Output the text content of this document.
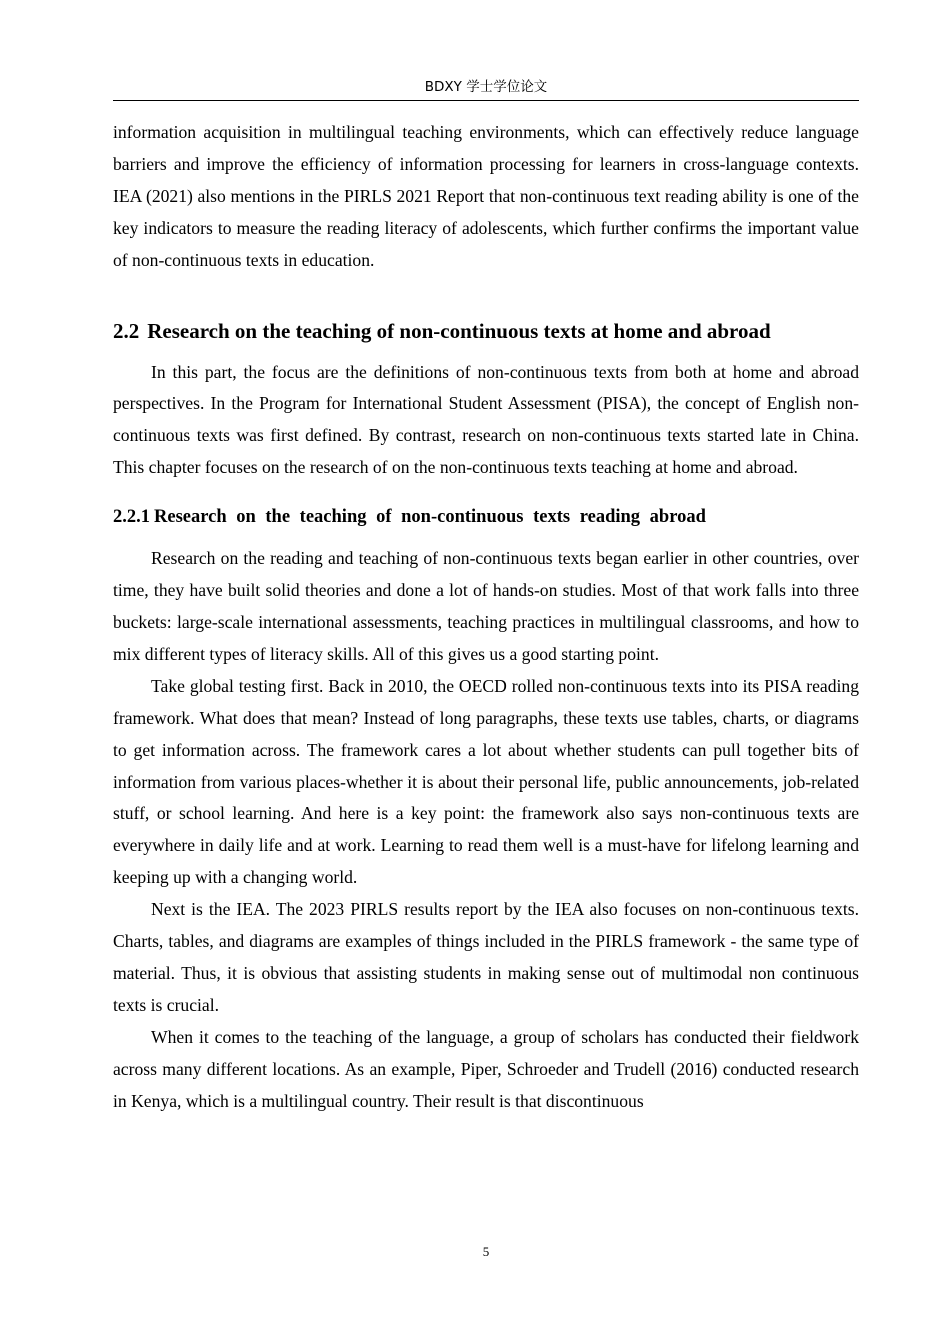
BDXY 学士学位论文

information acquisition in multilingual teaching environments, which can effectively reduce language barriers and improve the efficiency of information processing for learners in cross-language contexts. IEA (2021) also mentions in the PIRLS 2021 Report that non-continuous text reading ability is one of the key indicators to measure the reading literacy of adolescents, which further confirms the important value of non-continuous texts in education.

2.2 Research on the teaching of non-continuous texts at home and abroad

In this part, the focus are the definitions of non-continuous texts from both at home and abroad perspectives. In the Program for International Student Assessment (PISA), the concept of English non-continuous texts was first defined. By contrast, research on non-continuous texts started late in China. This chapter focuses on the research of on the non-continuous texts teaching at home and abroad.

2.2.1 Research on the teaching of non-continuous texts reading abroad

Research on the reading and teaching of non-continuous texts began earlier in other countries, over time, they have built solid theories and done a lot of hands-on studies. Most of that work falls into three buckets: large-scale international assessments, teaching practices in multilingual classrooms, and how to mix different types of literacy skills. All of this gives us a good starting point.

Take global testing first. Back in 2010, the OECD rolled non-continuous texts into its PISA reading framework. What does that mean? Instead of long paragraphs, these texts use tables, charts, or diagrams to get information across. The framework cares a lot about whether students can pull together bits of information from various places-whether it is about their personal life, public announcements, job-related stuff, or school learning. And here is a key point: the framework also says non-continuous texts are everywhere in daily life and at work. Learning to read them well is a must-have for lifelong learning and keeping up with a changing world.

Next is the IEA. The 2023 PIRLS results report by the IEA also focuses on non-continuous texts. Charts, tables, and diagrams are examples of things included in the PIRLS framework - the same type of material. Thus, it is obvious that assisting students in making sense out of multimodal non continuous texts is crucial.

When it comes to the teaching of the language, a group of scholars has conducted their fieldwork across many different locations. As an example, Piper, Schroeder and Trudell (2016) conducted research in Kenya, which is a multilingual country. Their result is that discontinuous

5
